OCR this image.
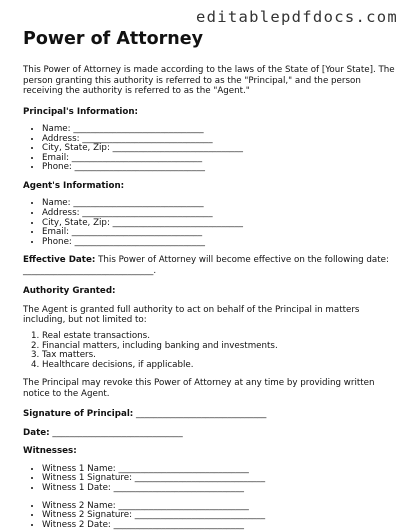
editablepdfdocs.com
Power of Attorney

This Power of Attorney is made according to the laws of the State of [Your State]. The person granting this authority is referred to as the "Principal," and the person receiving the authority is referred to as the "Agent."

Principal's Information:
• Name: ______________________________
• Address: ______________________________
• City, State, Zip: ______________________________
• Email: ______________________________
• Phone: ______________________________
Agent's Information:
• Name: ______________________________
• Address: ______________________________
• City, State, Zip: ______________________________
• Email: ______________________________
• Phone: ______________________________

Effective Date: This Power of Attorney will become effective on the following date: ______________________________.

Authority Granted:

The Agent is granted full authority to act on behalf of the Principal in matters including, but not limited to:

1. Real estate transactions.
2. Financial matters, including banking and investments.
3. Tax matters.
4. Healthcare decisions, if applicable.

The Principal may revoke this Power of Attorney at any time by providing written notice to the Agent.

Signature of Principal: ______________________________

Date: ______________________________

Witnesses:
• Witness 1 Name: ______________________________
• Witness 1 Signature: ______________________________
• Witness 1 Date: ______________________________
• Witness 2 Name: ______________________________
• Witness 2 Signature: ______________________________
• Witness 2 Date: ______________________________
